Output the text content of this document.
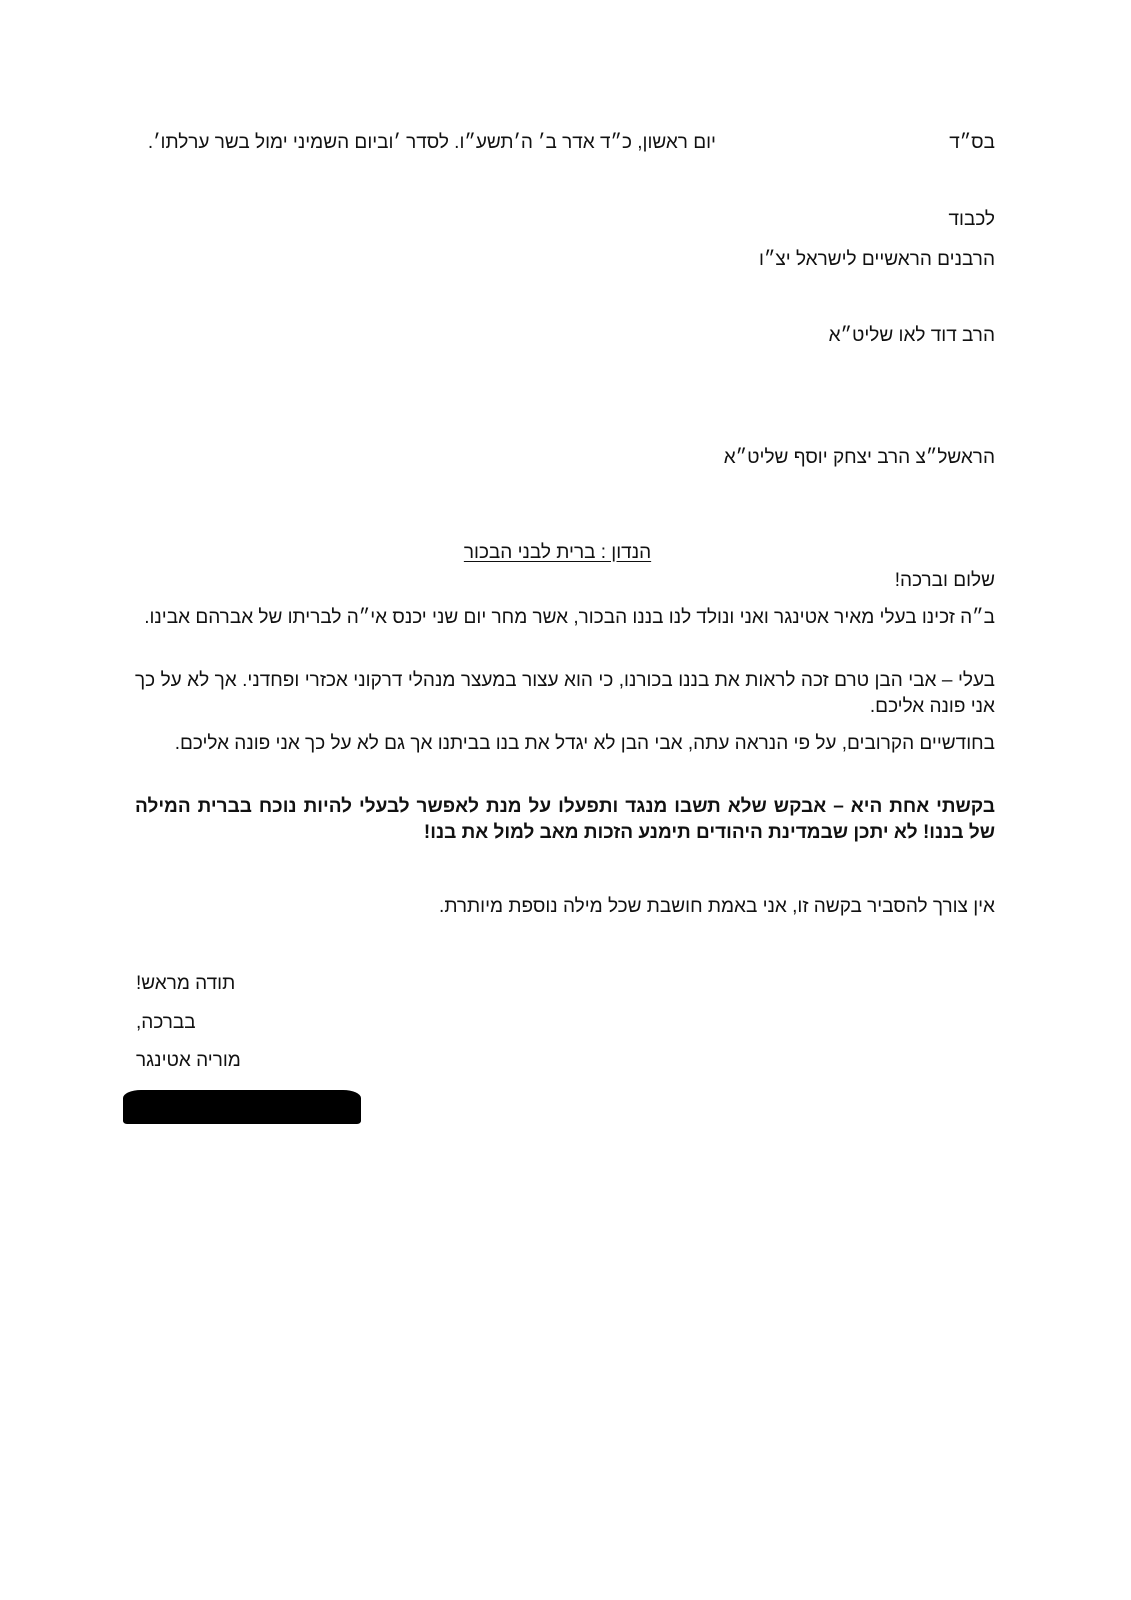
יום ראשון, כ״ד אדר ב׳ ה׳תשע״ו. לסדר ׳וביום השמיני ימול בשר ערלתו׳.	בס״ד
לכבוד
הרבנים הראשיים לישראל יצ״ו
הרב דוד לאו שליט״א
הראשל״צ הרב יצחק יוסף שליט״א
הנדון : ברית לבני הבכור
שלום וברכה!
ב״ה זכינו בעלי מאיר אטינגר ואני ונולד לנו בננו הבכור, אשר מחר יום שני יכנס אי״ה לבריתו של אברהם אבינו.
בעלי – אבי הבן טרם זכה לראות את בננו בכורנו, כי הוא עצור במעצר מנהלי דרקוני אכזרי ופחדני. אך לא על כך אני פונה אליכם.
בחודשיים הקרובים, על פי הנראה עתה, אבי הבן לא יגדל את בנו בביתנו אך גם לא על כך אני פונה אליכם.
בקשתי אחת היא – אבקש שלא תשבו מנגד ותפעלו על מנת לאפשר לבעלי להיות נוכח בברית המילה של בננו! לא יתכן שבמדינת היהודים תימנע הזכות מאב למול את בנו!
אין צורך להסביר בקשה זו, אני באמת חושבת שכל מילה נוספת מיותרת.
תודה מראש!
בברכה,
מוריה אטינגר
